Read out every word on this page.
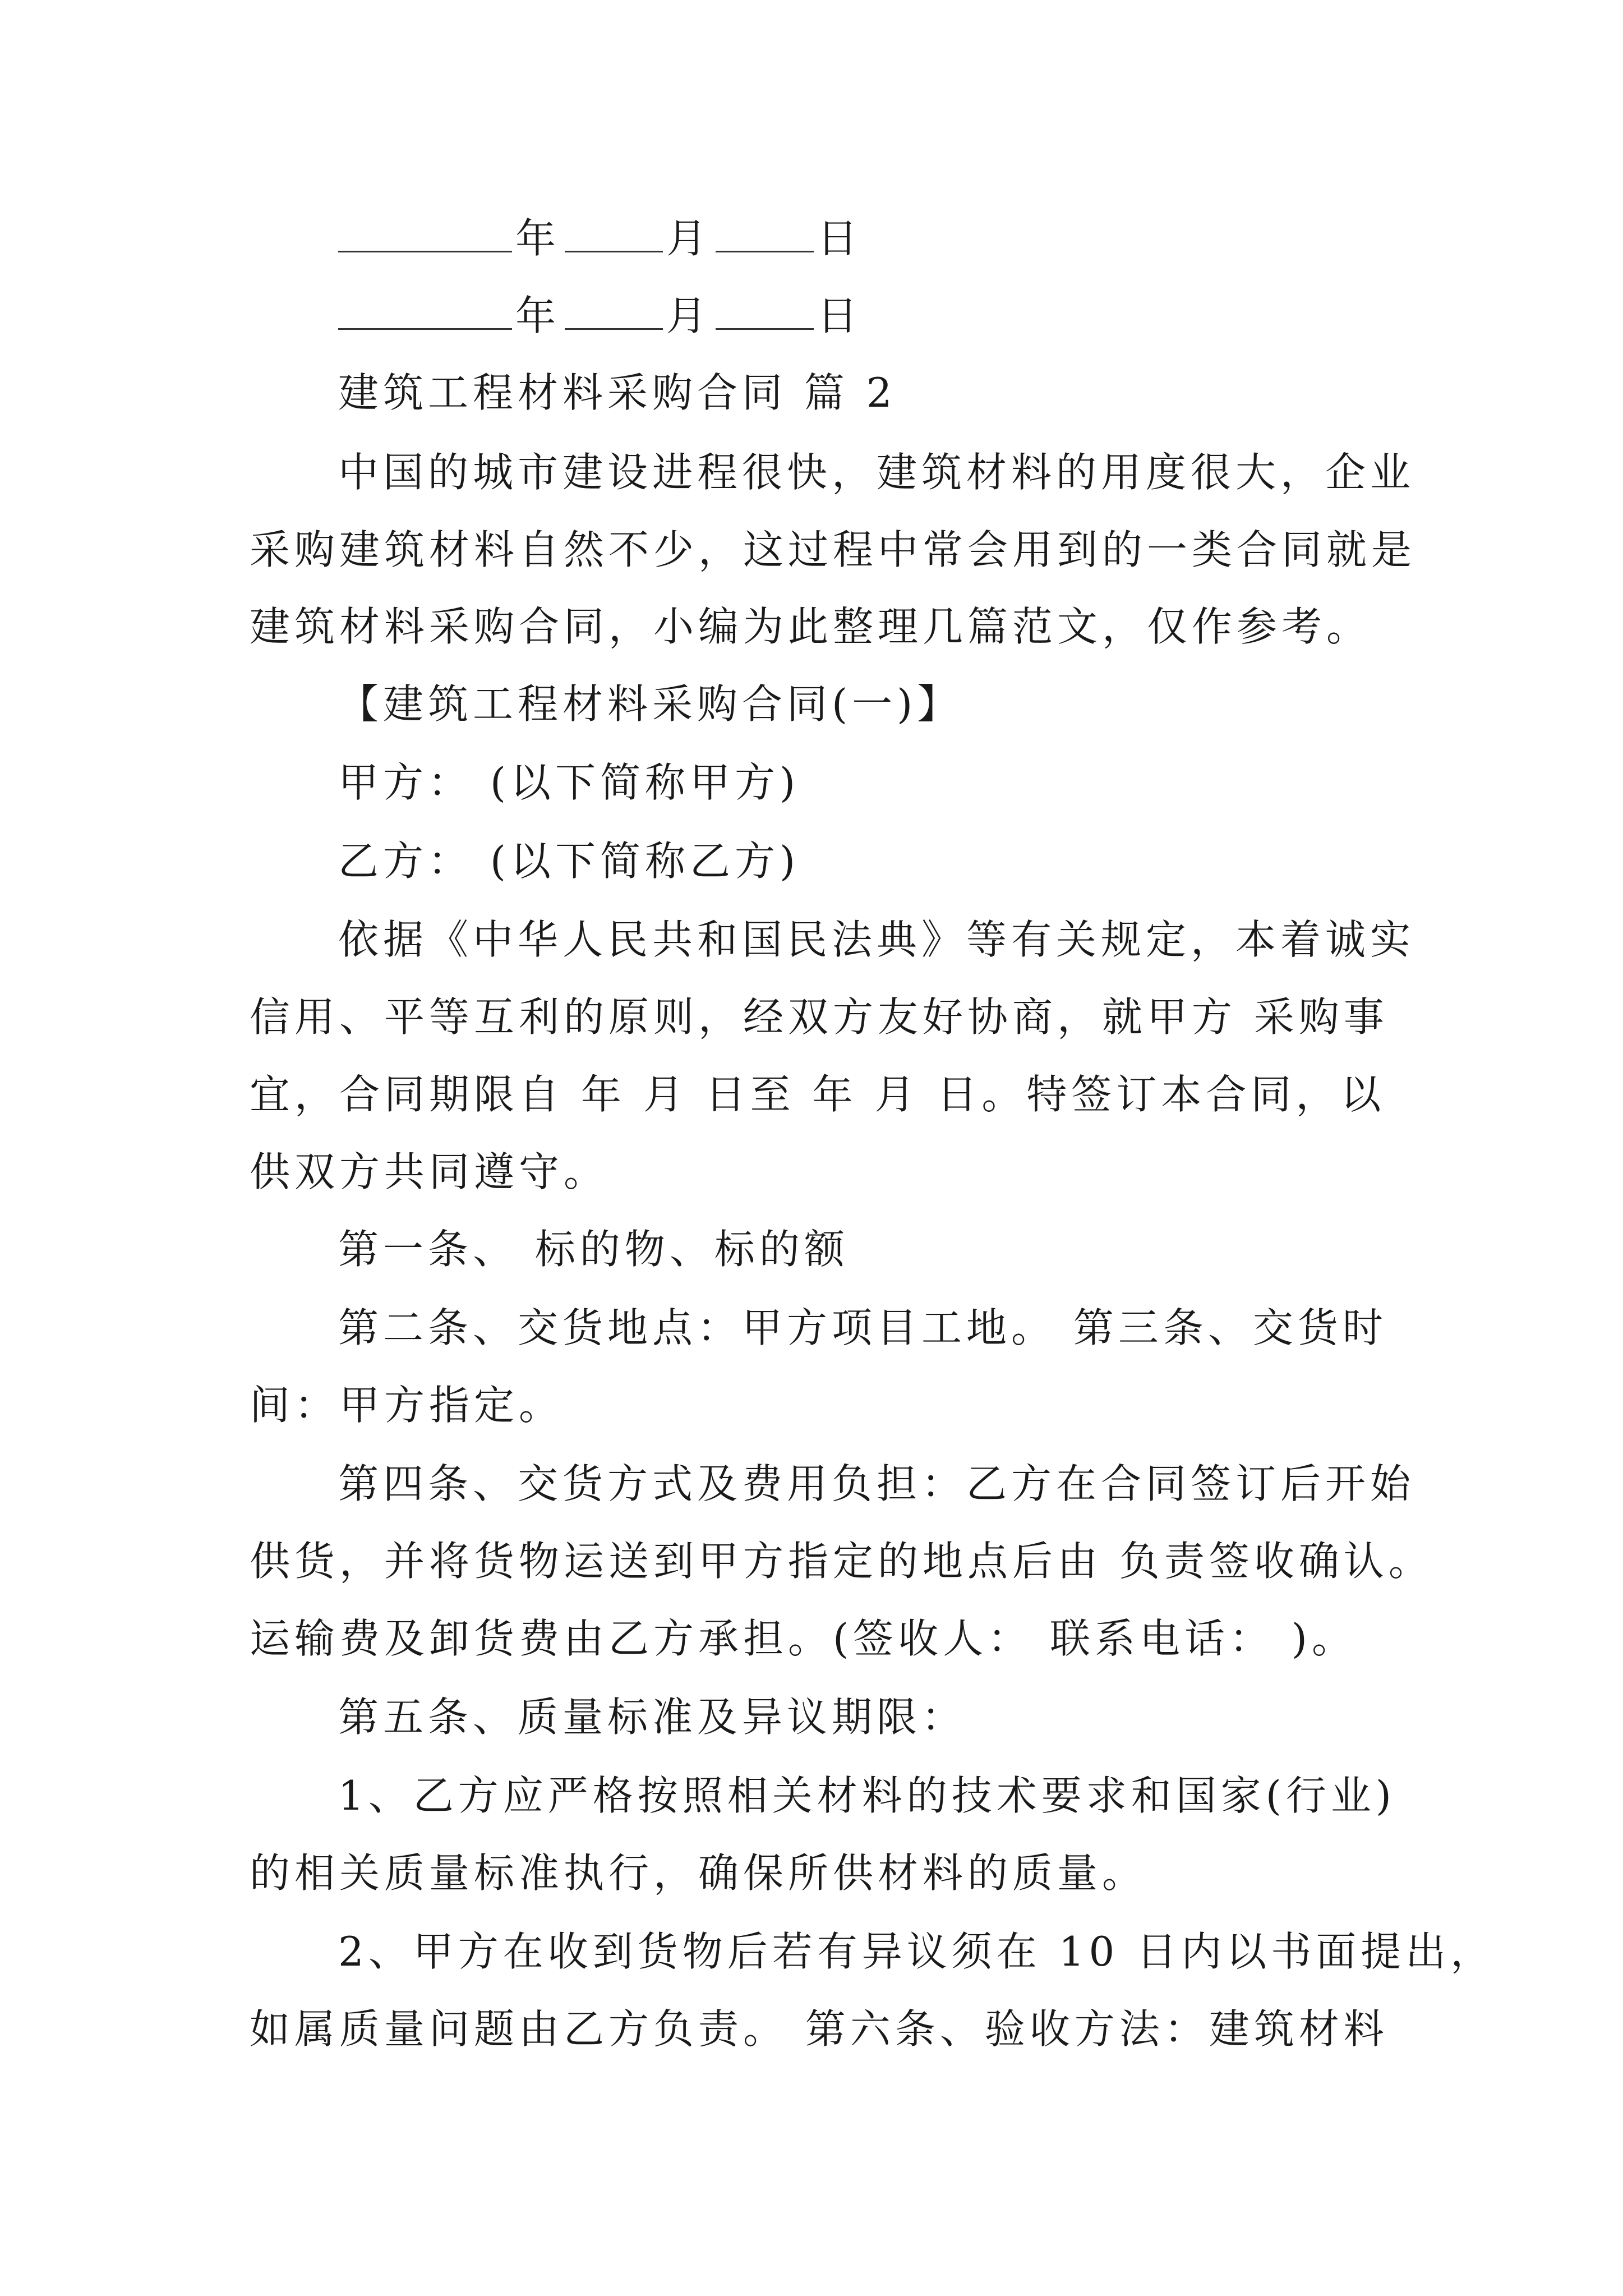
年	月	日
年	月	日
建筑工程材料采购合同 篇 2
中国的城市建设进程很快，建筑材料的用度很大，企业
采购建筑材料自然不少，这过程中常会用到的一类合同就是
建筑材料采购合同，小编为此整理几篇范文，仅作参考。
【建筑工程材料采购合同(一)】
甲方： (以下简称甲方)
乙方： (以下简称乙方)
依据《中华人民共和国民法典》等有关规定，本着诚实
信用、平等互利的原则，经双方友好协商，就甲方 采购事
宜，合同期限自 年 月 日至 年 月 日。特签订本合同，以
供双方共同遵守。
第一条、 标的物、标的额
第二条、交货地点：甲方项目工地。 第三条、交货时
间：甲方指定。
第四条、交货方式及费用负担：乙方在合同签订后开始
供货，并将货物运送到甲方指定的地点后由 负责签收确认。
运输费及卸货费由乙方承担。(签收人： 联系电话： )。
第五条、质量标准及异议期限：
1、乙方应严格按照相关材料的技术要求和国家(行业)
的相关质量标准执行，确保所供材料的质量。
2、甲方在收到货物后若有异议须在 10 日内以书面提出，
如属质量问题由乙方负责。 第六条、验收方法：建筑材料
